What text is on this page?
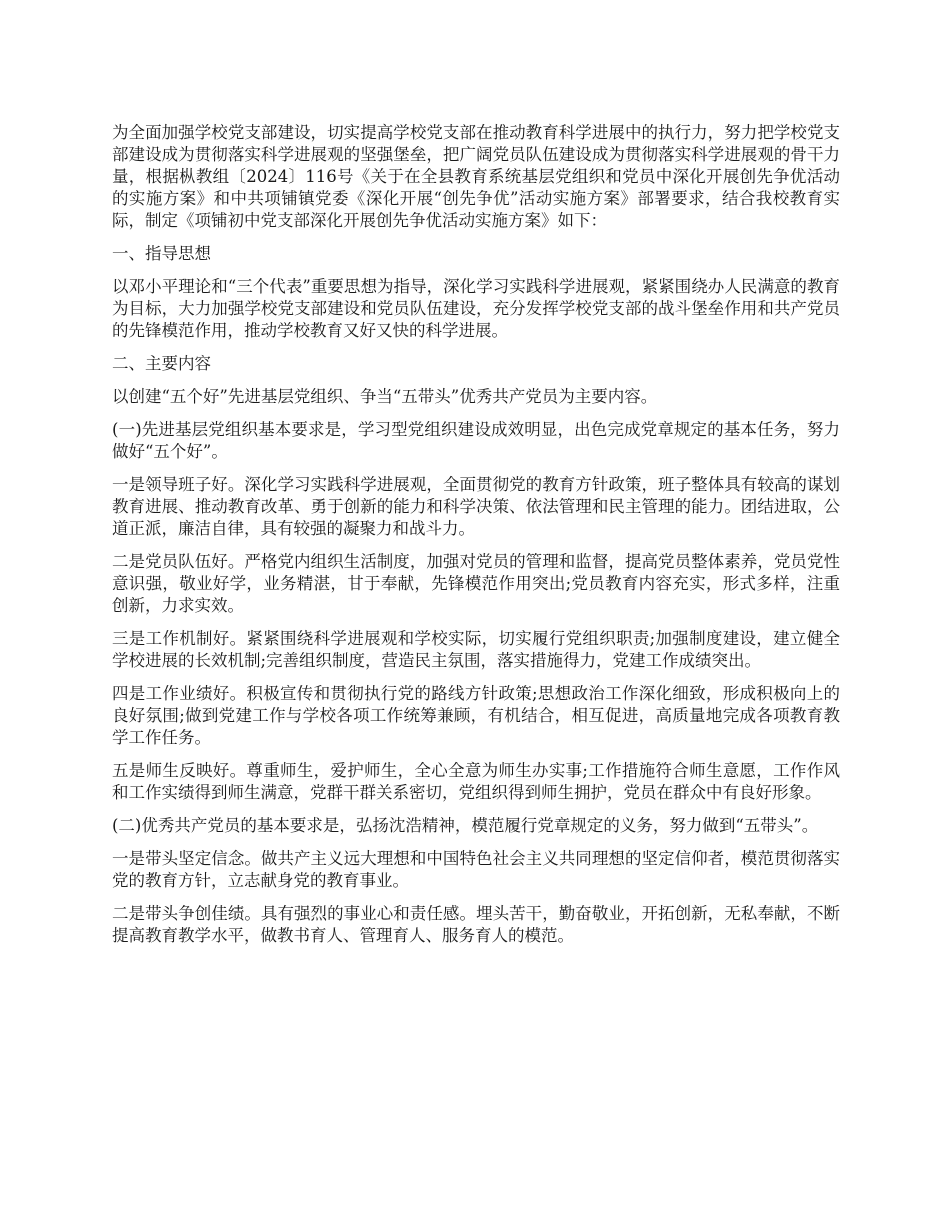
为全面加强学校党支部建设，切实提高学校党支部在推动教育科学进展中的执行力，努力把学校党支部建设成为贯彻落实科学进展观的坚强堡垒，把广阔党员队伍建设成为贯彻落实科学进展观的骨干力量，根据枞教组〔2024〕116号《关于在全县教育系统基层党组织和党员中深化开展创先争优活动的实施方案》和中共项铺镇党委《深化开展“创先争优”活动实施方案》部署要求，结合我校教育实际，制定《项铺初中党支部深化开展创先争优活动实施方案》如下：

一、指导思想

以邓小平理论和“三个代表”重要思想为指导，深化学习实践科学进展观，紧紧围绕办人民满意的教育为目标，大力加强学校党支部建设和党员队伍建设，充分发挥学校党支部的战斗堡垒作用和共产党员的先锋模范作用，推动学校教育又好又快的科学进展。

二、主要内容

以创建“五个好”先进基层党组织、争当“五带头”优秀共产党员为主要内容。

(一)先进基层党组织基本要求是，学习型党组织建设成效明显，出色完成党章规定的基本任务，努力做好“五个好”。

一是领导班子好。深化学习实践科学进展观，全面贯彻党的教育方针政策，班子整体具有较高的谋划教育进展、推动教育改革、勇于创新的能力和科学决策、依法管理和民主管理的能力。团结进取，公道正派，廉洁自律，具有较强的凝聚力和战斗力。

二是党员队伍好。严格党内组织生活制度，加强对党员的管理和监督，提高党员整体素养，党员党性意识强，敬业好学，业务精湛，甘于奉献，先锋模范作用突出;党员教育内容充实，形式多样，注重创新，力求实效。

三是工作机制好。紧紧围绕科学进展观和学校实际，切实履行党组织职责;加强制度建设，建立健全学校进展的长效机制;完善组织制度，营造民主氛围，落实措施得力，党建工作成绩突出。

四是工作业绩好。积极宣传和贯彻执行党的路线方针政策;思想政治工作深化细致，形成积极向上的良好氛围;做到党建工作与学校各项工作统筹兼顾，有机结合，相互促进，高质量地完成各项教育教学工作任务。

五是师生反映好。尊重师生，爱护师生，全心全意为师生办实事;工作措施符合师生意愿，工作作风和工作实绩得到师生满意，党群干群关系密切，党组织得到师生拥护，党员在群众中有良好形象。

(二)优秀共产党员的基本要求是，弘扬沈浩精神，模范履行党章规定的义务，努力做到“五带头”。

一是带头坚定信念。做共产主义远大理想和中国特色社会主义共同理想的坚定信仰者，模范贯彻落实党的教育方针，立志献身党的教育事业。

二是带头争创佳绩。具有强烈的事业心和责任感。埋头苦干，勤奋敬业，开拓创新，无私奉献，不断提高教育教学水平，做教书育人、管理育人、服务育人的模范。
